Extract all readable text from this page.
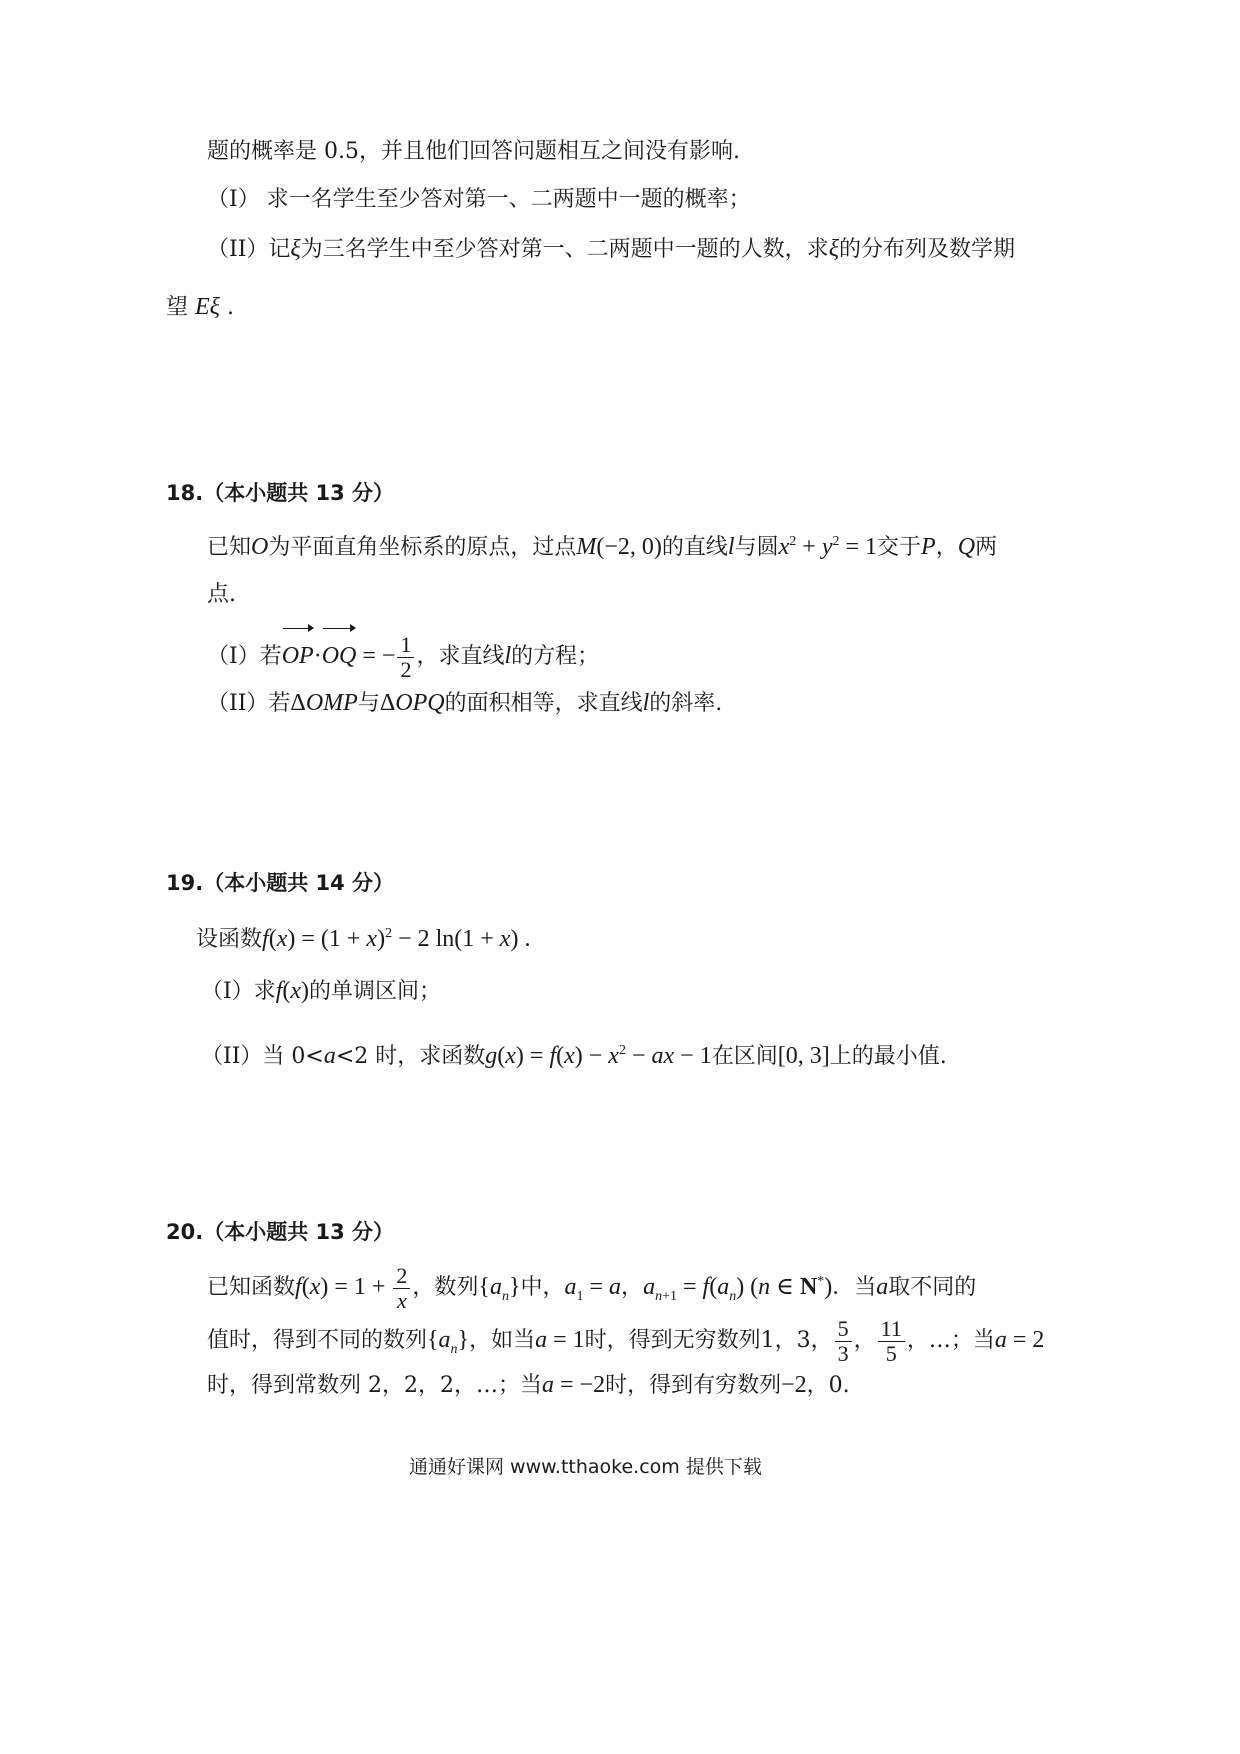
题的概率是 0.5，并且他们回答问题相互之间没有影响.
（I） 求一名学生至少答对第一、二两题中一题的概率；
（II）记ξ为三名学生中至少答对第一、二两题中一题的人数，求ξ的分布列及数学期
望 Eξ .
18.（本小题共 13 分）
已知O为平面直角坐标系的原点，过点M(−2, 0)的直线l与圆$x^2 + y^2 = 1$交于P，Q两
点.
（I）若OP·OQ = − $\frac{1}{2}$ ，求直线l的方程；
（II）若ΔOMP与ΔOPQ的面积相等，求直线l的斜率.
19.（本小题共 14 分）
设函数$f(x) = (1 + x)^2 - 2$ ln(1 + x) .
（I）求f(x)的单调区间；
（II）当 0<a<2 时，求函数$g(x) = f(x) - x^2$ − ax − 1在区间[0, 3]上的最小值.
20.（本小题共 13 分）
已知函数$f(x) = 1 + \frac{2}{x}$ ，数列$\{a_n\}$中，$a_1 = a$，$a_{n+1} = f(a_n)$ (n ∈ N*)．当a取不同的
值时，得到不同的数列$\{a_n\}$，如当a = 1时，得到无穷数列1，3， $\frac{5}{3}$ ， $\frac{11}{5}$ ，…；当a = 2
时，得到常数列 2，2，2，…；当a = −2时，得到有穷数列−2，0.
通通好课网 www.tthaoke.com 提供下载
